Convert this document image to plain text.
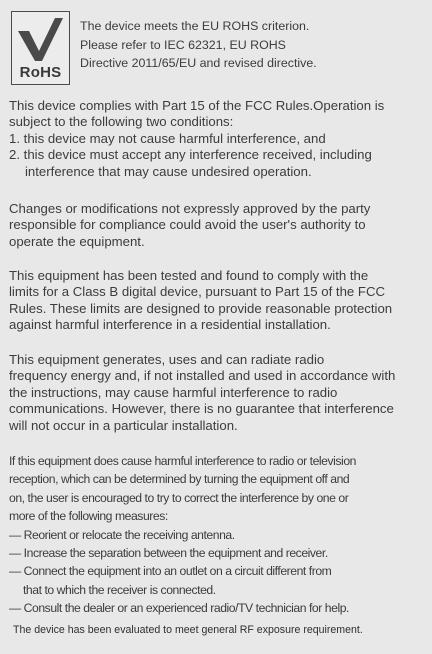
RoHS
The device meets the EU ROHS criterion.
Please refer to IEC 62321, EU ROHS
Directive 2011/65/EU and revised directive.
This device complies with Part 15 of the FCC Rules.Operation is
subject to the following two conditions:
1. this device may not cause harmful interference, and
2. this device must accept any interference received, including
interference that may cause undesired operation.
Changes or modifications not expressly approved by the party
responsible for compliance could avoid the user's authority to
operate the equipment.
This equipment has been tested and found to comply with the
limits for a Class B digital device, pursuant to Part 15 of the FCC
Rules. These limits are designed to provide reasonable protection
against harmful interference in a residential installation.
This equipment generates, uses and can radiate radio
frequency energy and, if not installed and used in accordance with
the instructions, may cause harmful interference to radio
communications. However, there is no guarantee that interference
will not occur in a particular installation.
If this equipment does cause harmful interference to radio or television
reception, which can be determined by turning the equipment off and
on, the user is encouraged to try to correct the interference by one or
more of the following measures:
— Reorient or relocate the receiving antenna.
— Increase the separation between the equipment and receiver.
— Connect the equipment into an outlet on a circuit different from
that to which the receiver is connected.
— Consult the dealer or an experienced radio/TV technician for help.
The device has been evaluated to meet general RF exposure requirement.
